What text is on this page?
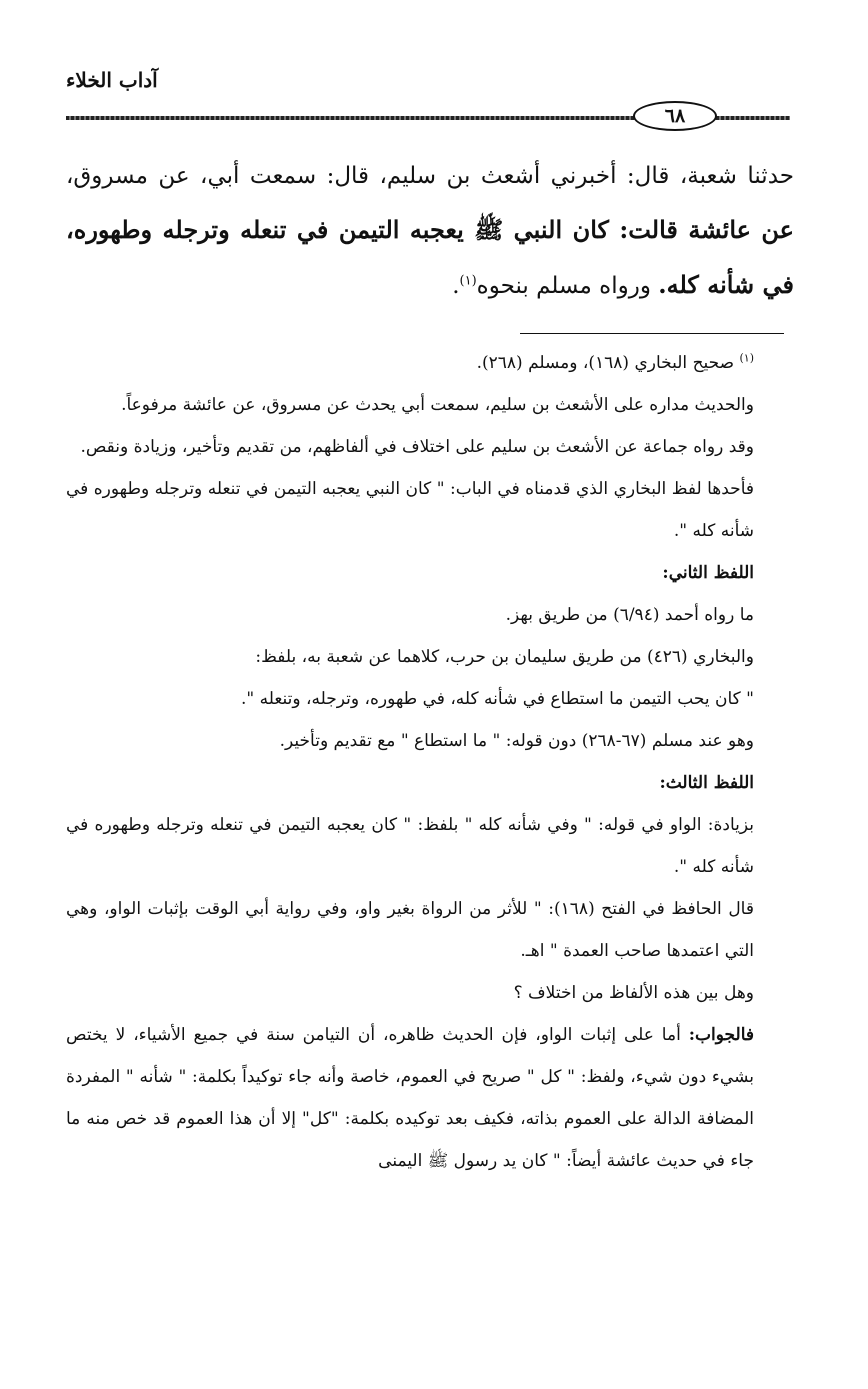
آداب الخلاء
٦٨
حدثنا شعبة، قال: أخبرني أشعث بن سليم، قال: سمعت أبي، عن مسروق، عن عائشة قالت: كان النبي ﷺ يعجبه التيمن في تنعله وترجله وطهوره، في شأنه كله. ورواه مسلم بنحوه$^{(١)}$.

$^{(١)}$ صحيح البخاري (١٦٨)، ومسلم (٢٦٨).

والحديث مداره على الأشعث بن سليم، سمعت أبي يحدث عن مسروق، عن عائشة مرفوعاً.

وقد رواه جماعة عن الأشعث بن سليم على اختلاف في ألفاظهم، من تقديم وتأخير، وزيادة ونقص.

فأحدها لفظ البخاري الذي قدمناه في الباب: " كان النبي يعجبه التيمن في تنعله وترجله وطهوره في شأنه كله ".

اللفظ الثاني:

ما رواه أحمد (٦/٩٤) من طريق بهز.

والبخاري (٤٢٦) من طريق سليمان بن حرب، كلاهما عن شعبة به، بلفظ:

" كان يحب التيمن ما استطاع في شأنه كله، في طهوره، وترجله، وتنعله ".

وهو عند مسلم (٦٧-٢٦٨) دون قوله: " ما استطاع " مع تقديم وتأخير.

اللفظ الثالث:

بزيادة: الواو في قوله: " وفي شأنه كله " بلفظ: " كان يعجبه التيمن في تنعله وترجله وطهوره في شأنه كله ".

قال الحافظ في الفتح (١٦٨): " للأثر من الرواة بغير واو، وفي رواية أبي الوقت بإثبات الواو، وهي التي اعتمدها صاحب العمدة " اهـ.

وهل بين هذه الألفاظ من اختلاف ؟

فالجواب: أما على إثبات الواو، فإن الحديث ظاهره، أن التيامن سنة في جميع الأشياء، لا يختص بشيء دون شيء، ولفظ: " كل " صريح في العموم، خاصة وأنه جاء توكيداً بكلمة: " شأنه " المفردة المضافة الدالة على العموم بذاته، فكيف بعد توكيده بكلمة: "كل" إلا أن هذا العموم قد خص منه ما جاء في حديث عائشة أيضاً: " كان يد رسول ﷺ اليمنى
